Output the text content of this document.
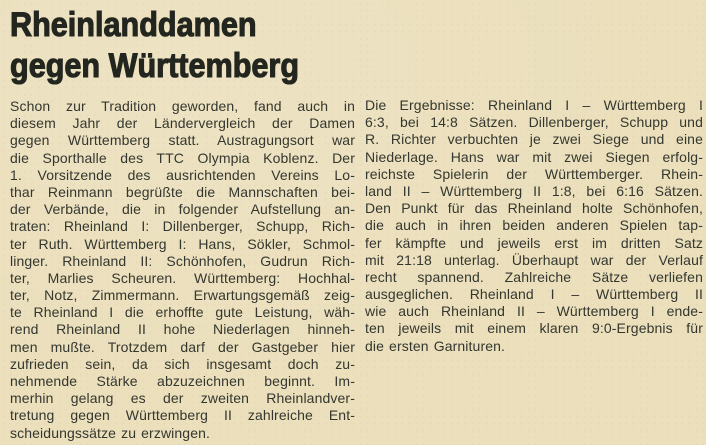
Rheinlanddamen
gegen Württemberg
Schon zur Tradition geworden, fand auch in
diesem Jahr der Ländervergleich der Damen
gegen Württemberg statt. Austragungsort war
die Sporthalle des TTC Olympia Koblenz. Der
1. Vorsitzende des ausrichtenden Vereins Lo-
thar Reinmann begrüßte die Mannschaften bei-
der Verbände, die in folgender Aufstellung an-
traten: Rheinland I: Dillenberger, Schupp, Rich-
ter Ruth. Württemberg I: Hans, Sökler, Schmol-
linger. Rheinland II: Schönhofen, Gudrun Rich-
ter, Marlies Scheuren. Württemberg: Hochhal-
ter, Notz, Zimmermann. Erwartungsgemäß zeig-
te Rheinland I die erhoffte gute Leistung, wäh-
rend Rheinland II hohe Niederlagen hinneh-
men mußte. Trotzdem darf der Gastgeber hier
zufrieden sein, da sich insgesamt doch zu-
nehmende Stärke abzuzeichnen beginnt. Im-
merhin gelang es der zweiten Rheinlandver-
tretung gegen Württemberg II zahlreiche Ent-
scheidungssätze zu erzwingen.
Die Ergebnisse: Rheinland I – Württemberg I
6:3, bei 14:8 Sätzen. Dillenberger, Schupp und
R. Richter verbuchten je zwei Siege und eine
Niederlage. Hans war mit zwei Siegen erfolg-
reichste Spielerin der Württemberger. Rhein-
land II – Württemberg II 1:8, bei 6:16 Sätzen.
Den Punkt für das Rheinland holte Schönhofen,
die auch in ihren beiden anderen Spielen tap-
fer kämpfte und jeweils erst im dritten Satz
mit 21:18 unterlag. Überhaupt war der Verlauf
recht spannend. Zahlreiche Sätze verliefen
ausgeglichen. Rheinland I – Württemberg II
wie auch Rheinland II – Württemberg I ende-
ten jeweils mit einem klaren 9:0-Ergebnis für
die ersten Garnituren.
